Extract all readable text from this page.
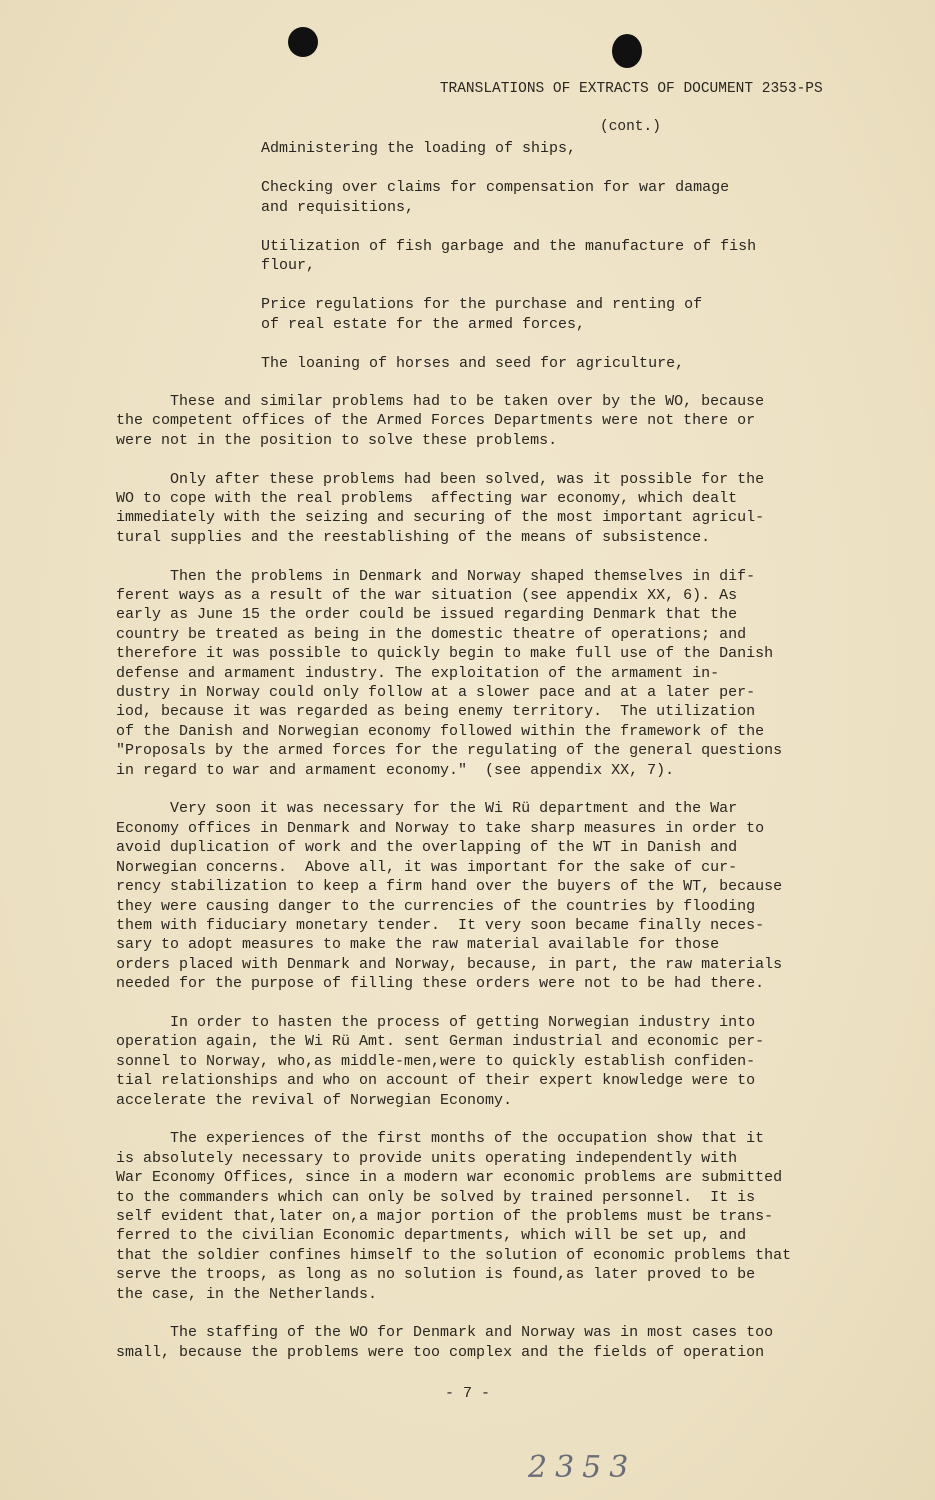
TRANSLATIONS OF EXTRACTS OF DOCUMENT 2353-PS

(cont.)

Administering the loading of ships,
Checking over claims for compensation for war damage
and requisitions,
Utilization of fish garbage and the manufacture of fish
flour,
Price regulations for the purchase and renting of
of real estate for the armed forces,
The loaning of horses and seed for agriculture,
These and similar problems had to be taken over by the WO, because
the competent offices of the Armed Forces Departments were not there or
were not in the position to solve these problems.
Only after these problems had been solved, was it possible for the
WO to cope with the real problems  affecting war economy, which dealt
immediately with the seizing and securing of the most important agricul-
tural supplies and the reestablishing of the means of subsistence.
Then the problems in Denmark and Norway shaped themselves in dif-
ferent ways as a result of the war situation (see appendix XX, 6). As
early as June 15 the order could be issued regarding Denmark that the
country be treated as being in the domestic theatre of operations; and
therefore it was possible to quickly begin to make full use of the Danish
defense and armament industry. The exploitation of the armament in-
dustry in Norway could only follow at a slower pace and at a later per-
iod, because it was regarded as being enemy territory.  The utilization
of the Danish and Norwegian economy followed within the framework of the
"Proposals by the armed forces for the regulating of the general questions
in regard to war and armament economy."  (see appendix XX, 7).
Very soon it was necessary for the Wi Rü department and the War
Economy offices in Denmark and Norway to take sharp measures in order to
avoid duplication of work and the overlapping of the WT in Danish and
Norwegian concerns.  Above all, it was important for the sake of cur-
rency stabilization to keep a firm hand over the buyers of the WT, because
they were causing danger to the currencies of the countries by flooding
them with fiduciary monetary tender.  It very soon became finally neces-
sary to adopt measures to make the raw material available for those
orders placed with Denmark and Norway, because, in part, the raw materials
needed for the purpose of filling these orders were not to be had there.
In order to hasten the process of getting Norwegian industry into
operation again, the Wi Rü Amt. sent German industrial and economic per-
sonnel to Norway, who,as middle-men,were to quickly establish confiden-
tial relationships and who on account of their expert knowledge were to
accelerate the revival of Norwegian Economy.
The experiences of the first months of the occupation show that it
is absolutely necessary to provide units operating independently with
War Economy Offices, since in a modern war economic problems are submitted
to the commanders which can only be solved by trained personnel.  It is
self evident that,later on,a major portion of the problems must be trans-
ferred to the civilian Economic departments, which will be set up, and
that the soldier confines himself to the solution of economic problems that
serve the troops, as long as no solution is found,as later proved to be
the case, in the Netherlands.
The staffing of the WO for Denmark and Norway was in most cases too
small, because the problems were too complex and the fields of operation
- 7 -
2353
